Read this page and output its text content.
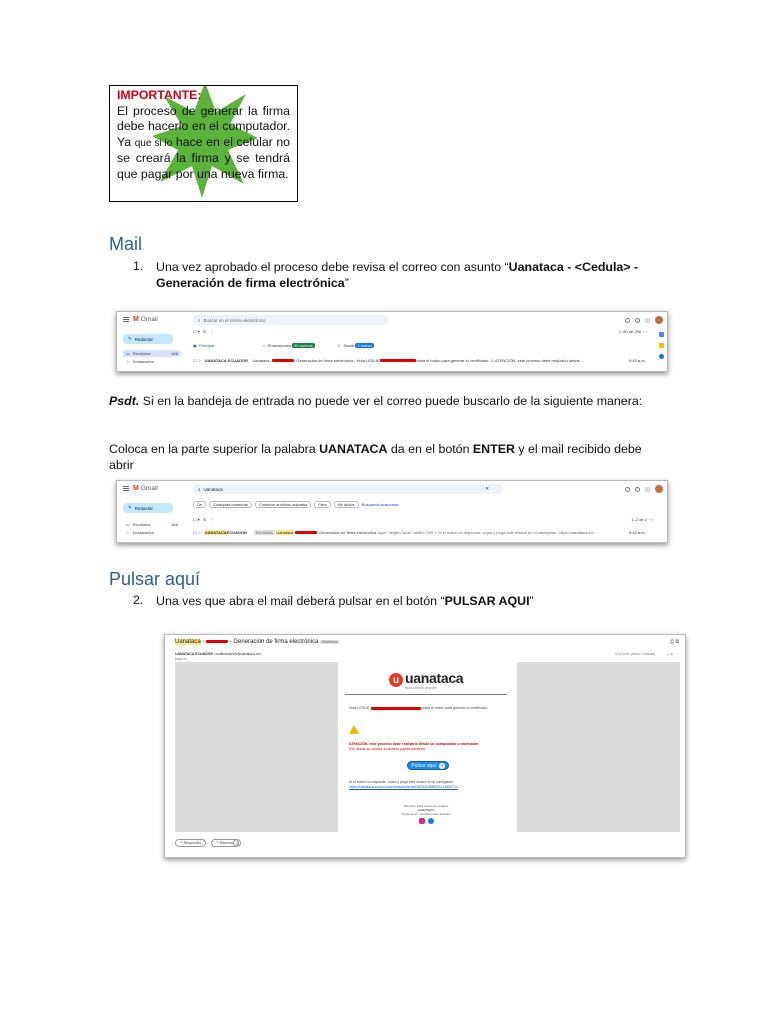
IMPORTANTE:
El proceso de generar la firma debe hacerlo en el computador. Ya que si lo hace en el celular no se creará la firma y se tendrá que pagar por una nueva firma.
Mail
1. Una vez aprobado el proceso debe revisa el correo con asunto “Uanataca - <Cedula> - Generación de firma electrónica”
M Gmail	⌕ Buscar en el correo electrónico
✎ Redactar
▭ Recibidos	468
☆ Destacados
☐ ▾   ↻   ⋮	1–50 de 299 ‹ ›
▣ Principal	⌂ Promociones
50 nuevos	☺ Social
1 nuevo
☐ ☆ UANATACA ECUADOR
Uanataca -	- Generación de firma electrónica - Hola LESLIE	pulsa el botón para generar tu certificado. ⚠ ATENCIÓN, este proceso debe realizarlo desde...	9:43 a.m.
Psdt. Si en la bandeja de entrada no puede ver el correo puede buscarlo de la siguiente manera:
Coloca en la parte superior la palabra UANATACA da en el botón ENTER y el mail recibido debe abrir
M Gmail	⌕ Uanataca	✕
✎ Redactar
▭ Recibidos	468
☆ Destacados
De	Cualquier momento	Contiene archivos adjuntos	Para	No leídos	Búsqueda avanzada
☐ ▾   ↻   ⋮	1–2 de 2 ‹ ›
☐ ☆ UANATACA ECUADOR
	Recibidos
Uanataca	- Generación de firma electrónica - ayuí" height="auto" width="200"> Si el botón no responde, copia y pega este enlace en el navegador: https://uanataca.ec/...	9:43 a.m.
Pulsar aquí
2. Una ves que abra el mail deberá pulsar en el botón “PULSAR AQUI”
Uanataca -	- Generación de firma electrónica Recibidos	⎙ ⧉
UANATACA ECUADOR <notificaciones@uanataca.ec>
para mí
9:43 a.m. (hace 1 minuto)	☆ ↶ ⋮
u uanataca
trust service provider
Hola LESLIE	pulsa el botón para generar tu certificado.
ATENCIÓN, este proceso debe realizarlo desde un computador u ordenador
(No desde su celular, el archivo puede dañarse)
Pulsar aquí ➜
Si el botón no responde, copia y pega este enlace en el navegador:
https://uanataca.ec/consola/modules/firma/0923041588021114802714
Atención: Para entrar en contacto
UANATACA
Síguenos en nuestras redes sociales
↶ Responder	↷ Reenviar ☺
